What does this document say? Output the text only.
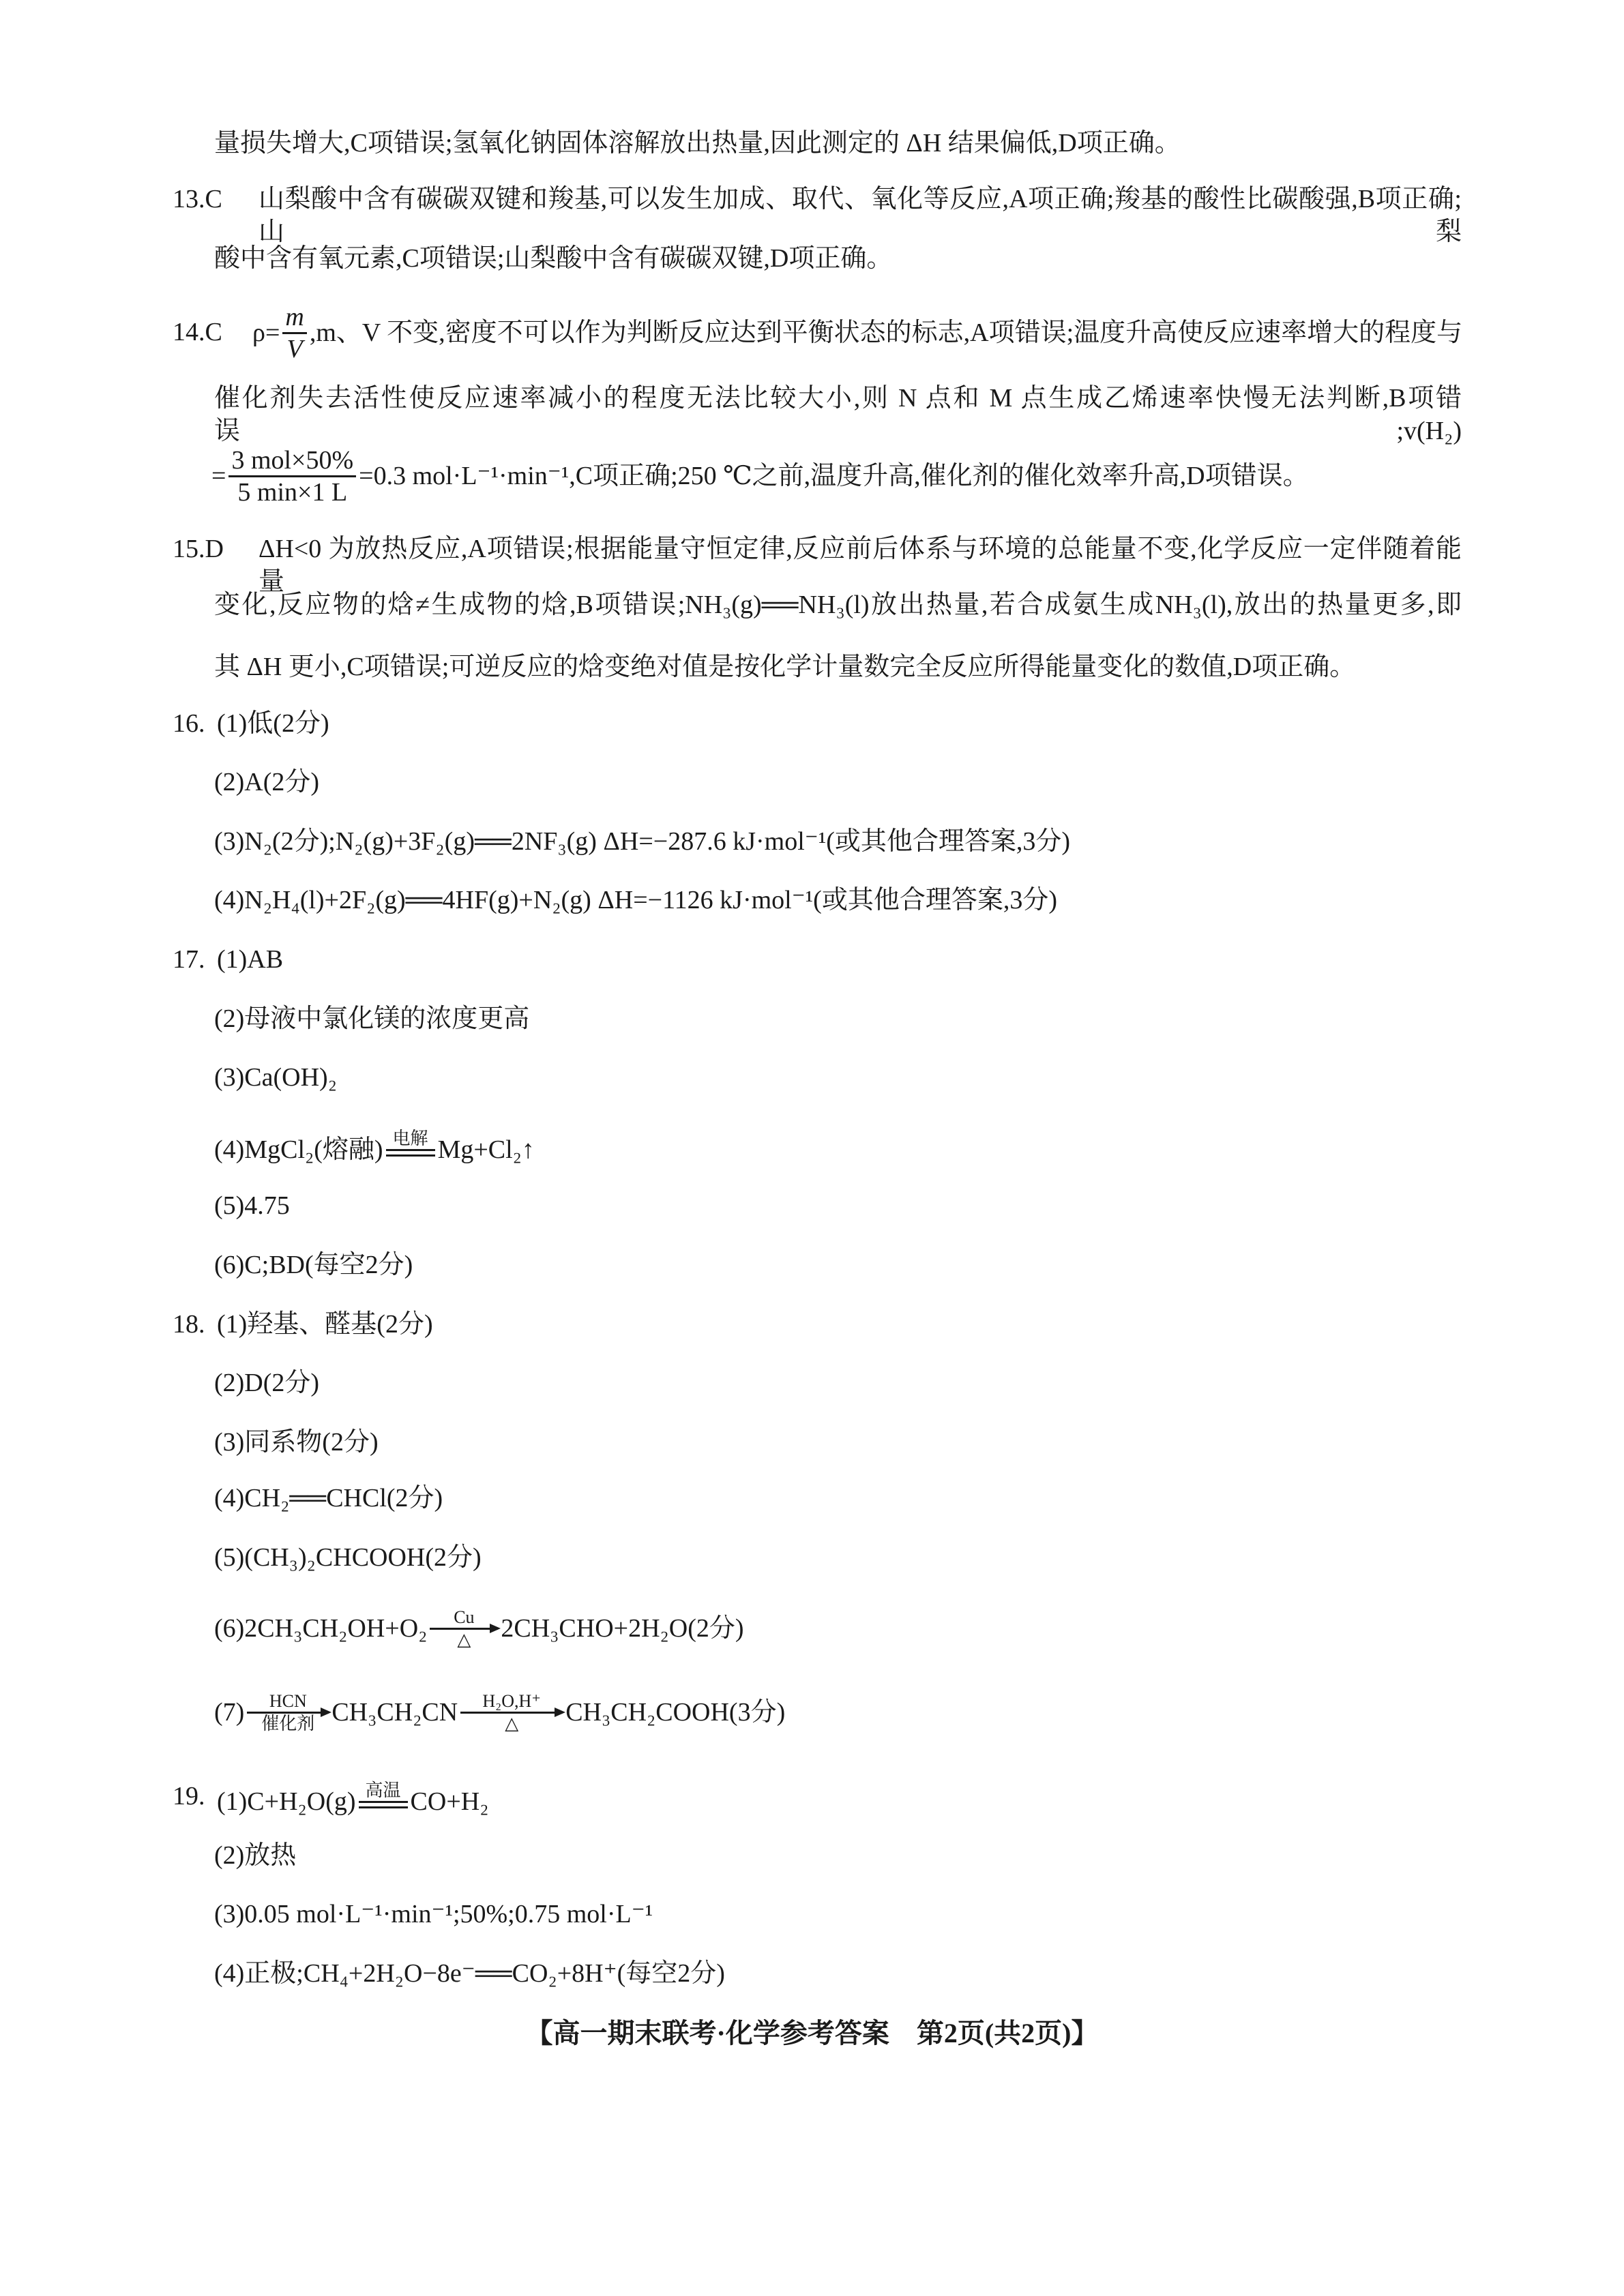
量损失增大,C项错误;氢氧化钠固体溶解放出热量,因此测定的 ΔH 结果偏低,D项正确。
13.C 山梨酸中含有碳碳双键和羧基,可以发生加成、取代、氧化等反应,A项正确;羧基的酸性比碳酸强,B项正确;山梨
酸中含有氧元素,C项错误;山梨酸中含有碳碳双键,D项正确。
14.C $\rho= \frac{m}{V} ,m$、V 不变,密度不可以作为判断反应达到平衡状态的标志,A项错误;温度升高使反应速率增大的程度与
催化剂失去活性使反应速率减小的程度无法比较大小,则 N 点和 M 点生成乙烯速率快慢无法判断,B项错误;v(H₂)
= $\frac{\text{3 mol×50\%}}{5 \min\times 1 L} =0.3$ mol·L⁻¹·min⁻¹,C项正确;250 ℃之前,温度升高,催化剂的催化效率升高,D项错误。
15.D ΔH<0 为放热反应,A项错误;根据能量守恒定律,反应前后体系与环境的总能量不变,化学反应一定伴随着能量
变化,反应物的焓≠生成物的焓,B项错误;NH₃(g)══NH₃(l)放出热量,若合成氨生成NH₃(l),放出的热量更多,即
其 ΔH 更小,C项错误;可逆反应的焓变绝对值是按化学计量数完全反应所得能量变化的数值,D项正确。
16. (1)低(2分)
(2)A(2分)
(3)N₂(2分);N₂(g)+3F₂(g)══2NF₃(g) ΔH=−287.6 kJ·mol⁻¹(或其他合理答案,3分)
(4)N₂H₄(l)+2F₂(g)══4HF(g)+N₂(g) ΔH=−1126 kJ·mol⁻¹(或其他合理答案,3分)
17. (1)AB
(2)母液中氯化镁的浓度更高
(3)Ca(OH)₂
(4)MgCl₂(熔融) 电解 Mg+Cl₂↑
(5)4.75
(6)C;BD(每空2分)
18. (1)羟基、醛基(2分)
(2)D(2分)
(3)同系物(2分)
(4)CH₂══CHCl(2分)
(5)(CH₃)₂CHCOOH(2分)
(6)2CH₃CH₂OH+O₂ Cu
△ 2CH₃CHO+2H₂O(2分)
(7) HCN
催化剂 CH₃CH₂CN H₂O,H⁺
△ CH₃CH₂COOH(3分)
19. (1)C+H₂O(g) 高温 CO+H₂
(2)放热
(3)0.05 mol·L⁻¹·min⁻¹;50%;0.75 mol·L⁻¹
(4)正极;CH₄+2H₂O−8e⁻══CO₂+8H⁺(每空2分)
【高一期末联考·化学参考答案　第2页(共2页)】
